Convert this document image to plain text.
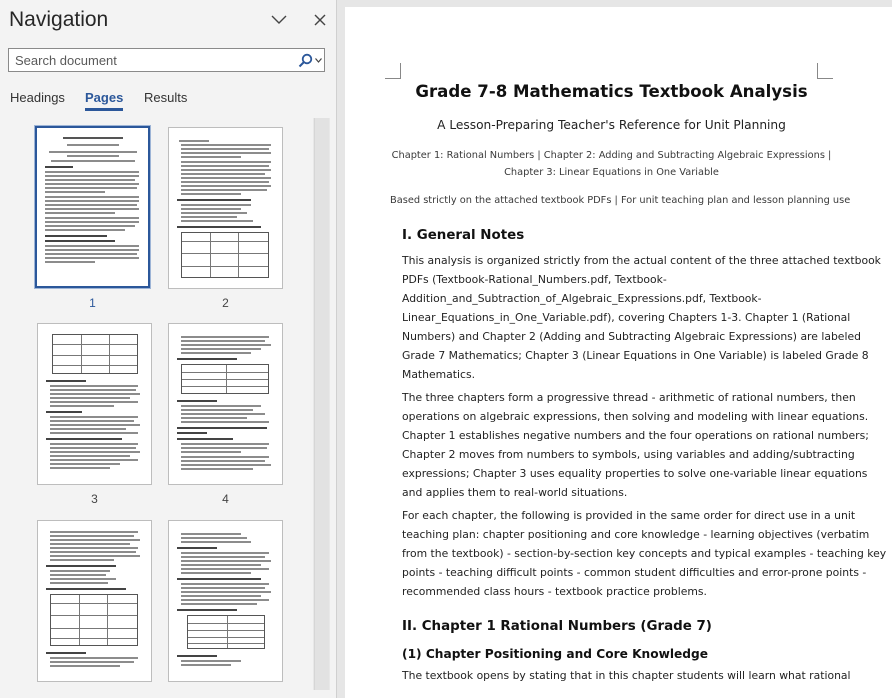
Navigation
Search document
Headings Pages Results
1	2
3	4
Grade 7-8 Mathematics Textbook Analysis
A Lesson-Preparing Teacher's Reference for Unit Planning
Chapter 1: Rational Numbers | Chapter 2: Adding and Subtracting Algebraic Expressions |
Chapter 3: Linear Equations in One Variable
Based strictly on the attached textbook PDFs | For unit teaching plan and lesson planning use
I. General Notes
This analysis is organized strictly from the actual content of the three attached textbook
PDFs (Textbook-Rational_Numbers.pdf, Textbook-
Addition_and_Subtraction_of_Algebraic_Expressions.pdf, Textbook-
Linear_Equations_in_One_Variable.pdf), covering Chapters 1-3. Chapter 1 (Rational
Numbers) and Chapter 2 (Adding and Subtracting Algebraic Expressions) are labeled
Grade 7 Mathematics; Chapter 3 (Linear Equations in One Variable) is labeled Grade 8
Mathematics.
The three chapters form a progressive thread - arithmetic of rational numbers, then
operations on algebraic expressions, then solving and modeling with linear equations.
Chapter 1 establishes negative numbers and the four operations on rational numbers;
Chapter 2 moves from numbers to symbols, using variables and adding/subtracting
expressions; Chapter 3 uses equality properties to solve one-variable linear equations
and applies them to real-world situations.
For each chapter, the following is provided in the same order for direct use in a unit
teaching plan: chapter positioning and core knowledge - learning objectives (verbatim
from the textbook) - section-by-section key concepts and typical examples - teaching key
points - teaching difficult points - common student difficulties and error-prone points -
recommended class hours - textbook practice problems.
II. Chapter 1 Rational Numbers (Grade 7)
(1) Chapter Positioning and Core Knowledge
The textbook opens by stating that in this chapter students will learn what rational
